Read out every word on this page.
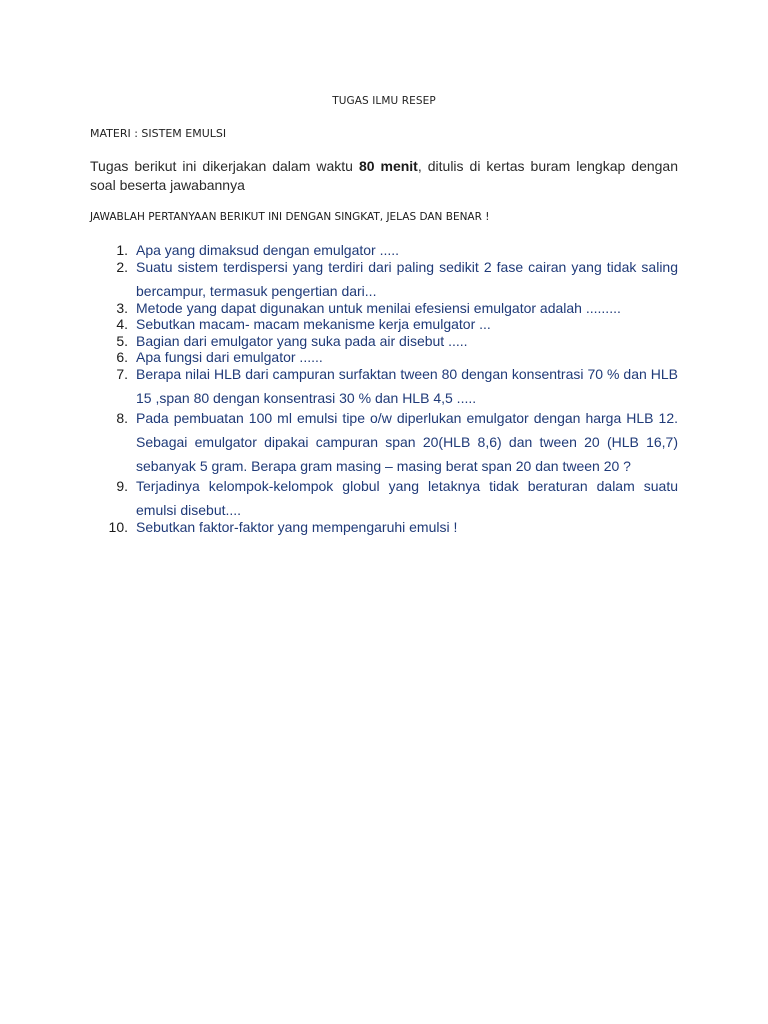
TUGAS ILMU RESEP
MATERI : SISTEM EMULSI
Tugas berikut ini dikerjakan dalam waktu 80 menit, ditulis di kertas buram lengkap dengan soal beserta jawabannya
JAWABLAH PERTANYAAN BERIKUT INI DENGAN SINGKAT, JELAS DAN BENAR !
1. Apa yang dimaksud dengan emulgator .....
2. Suatu sistem terdispersi yang terdiri dari paling sedikit 2 fase cairan yang tidak saling bercampur, termasuk pengertian dari...
3. Metode yang dapat digunakan untuk menilai efesiensi emulgator adalah .........
4. Sebutkan macam- macam mekanisme kerja emulgator ...
5. Bagian dari emulgator yang suka pada air disebut .....
6. Apa fungsi dari emulgator ......
7. Berapa nilai HLB dari campuran surfaktan tween 80 dengan konsentrasi 70 % dan HLB 15 ,span 80 dengan konsentrasi 30 % dan HLB 4,5 .....
8. Pada pembuatan 100 ml emulsi tipe o/w diperlukan emulgator dengan harga HLB 12. Sebagai emulgator dipakai campuran span 20(HLB 8,6) dan tween 20 (HLB 16,7) sebanyak 5 gram. Berapa gram masing – masing berat span 20 dan tween 20 ?
9. Terjadinya kelompok-kelompok globul yang letaknya tidak beraturan dalam suatu emulsi disebut....
10. Sebutkan faktor-faktor yang mempengaruhi emulsi !
